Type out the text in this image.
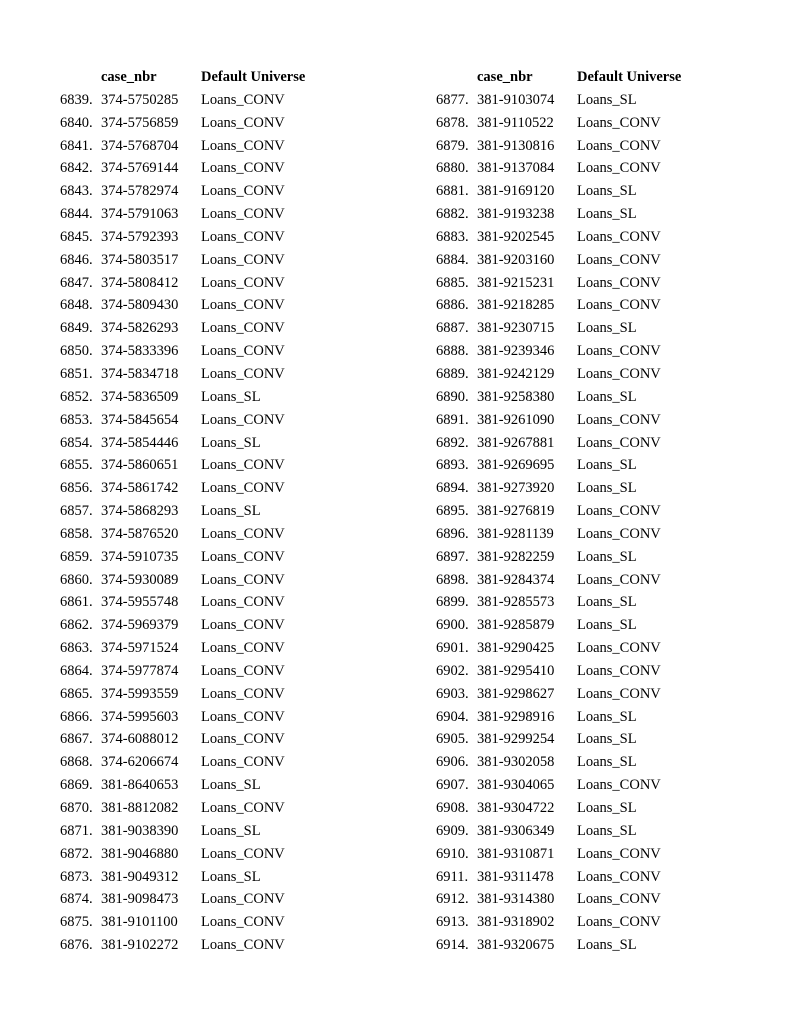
case_nbr	Default Universe
6839. 374-5750285 Loans_CONV
6840. 374-5756859 Loans_CONV
6841. 374-5768704 Loans_CONV
6842. 374-5769144 Loans_CONV
6843. 374-5782974 Loans_CONV
6844. 374-5791063 Loans_CONV
6845. 374-5792393 Loans_CONV
6846. 374-5803517 Loans_CONV
6847. 374-5808412 Loans_CONV
6848. 374-5809430 Loans_CONV
6849. 374-5826293 Loans_CONV
6850. 374-5833396 Loans_CONV
6851. 374-5834718 Loans_CONV
6852. 374-5836509 Loans_SL
6853. 374-5845654 Loans_CONV
6854. 374-5854446 Loans_SL
6855. 374-5860651 Loans_CONV
6856. 374-5861742 Loans_CONV
6857. 374-5868293 Loans_SL
6858. 374-5876520 Loans_CONV
6859. 374-5910735 Loans_CONV
6860. 374-5930089 Loans_CONV
6861. 374-5955748 Loans_CONV
6862. 374-5969379 Loans_CONV
6863. 374-5971524 Loans_CONV
6864. 374-5977874 Loans_CONV
6865. 374-5993559 Loans_CONV
6866. 374-5995603 Loans_CONV
6867. 374-6088012 Loans_CONV
6868. 374-6206674 Loans_CONV
6869. 381-8640653 Loans_SL
6870. 381-8812082 Loans_CONV
6871. 381-9038390 Loans_SL
6872. 381-9046880 Loans_CONV
6873. 381-9049312 Loans_SL
6874. 381-9098473 Loans_CONV
6875. 381-9101100 Loans_CONV
6876. 381-9102272 Loans_CONV
case_nbr	Default Universe
6877. 381-9103074 Loans_SL
6878. 381-9110522 Loans_CONV
6879. 381-9130816 Loans_CONV
6880. 381-9137084 Loans_CONV
6881. 381-9169120 Loans_SL
6882. 381-9193238 Loans_SL
6883. 381-9202545 Loans_CONV
6884. 381-9203160 Loans_CONV
6885. 381-9215231 Loans_CONV
6886. 381-9218285 Loans_CONV
6887. 381-9230715 Loans_SL
6888. 381-9239346 Loans_CONV
6889. 381-9242129 Loans_CONV
6890. 381-9258380 Loans_SL
6891. 381-9261090 Loans_CONV
6892. 381-9267881 Loans_CONV
6893. 381-9269695 Loans_SL
6894. 381-9273920 Loans_SL
6895. 381-9276819 Loans_CONV
6896. 381-9281139 Loans_CONV
6897. 381-9282259 Loans_SL
6898. 381-9284374 Loans_CONV
6899. 381-9285573 Loans_SL
6900. 381-9285879 Loans_SL
6901. 381-9290425 Loans_CONV
6902. 381-9295410 Loans_CONV
6903. 381-9298627 Loans_CONV
6904. 381-9298916 Loans_SL
6905. 381-9299254 Loans_SL
6906. 381-9302058 Loans_SL
6907. 381-9304065 Loans_CONV
6908. 381-9304722 Loans_SL
6909. 381-9306349 Loans_SL
6910. 381-9310871 Loans_CONV
6911. 381-9311478 Loans_CONV
6912. 381-9314380 Loans_CONV
6913. 381-9318902 Loans_CONV
6914. 381-9320675 Loans_SL
